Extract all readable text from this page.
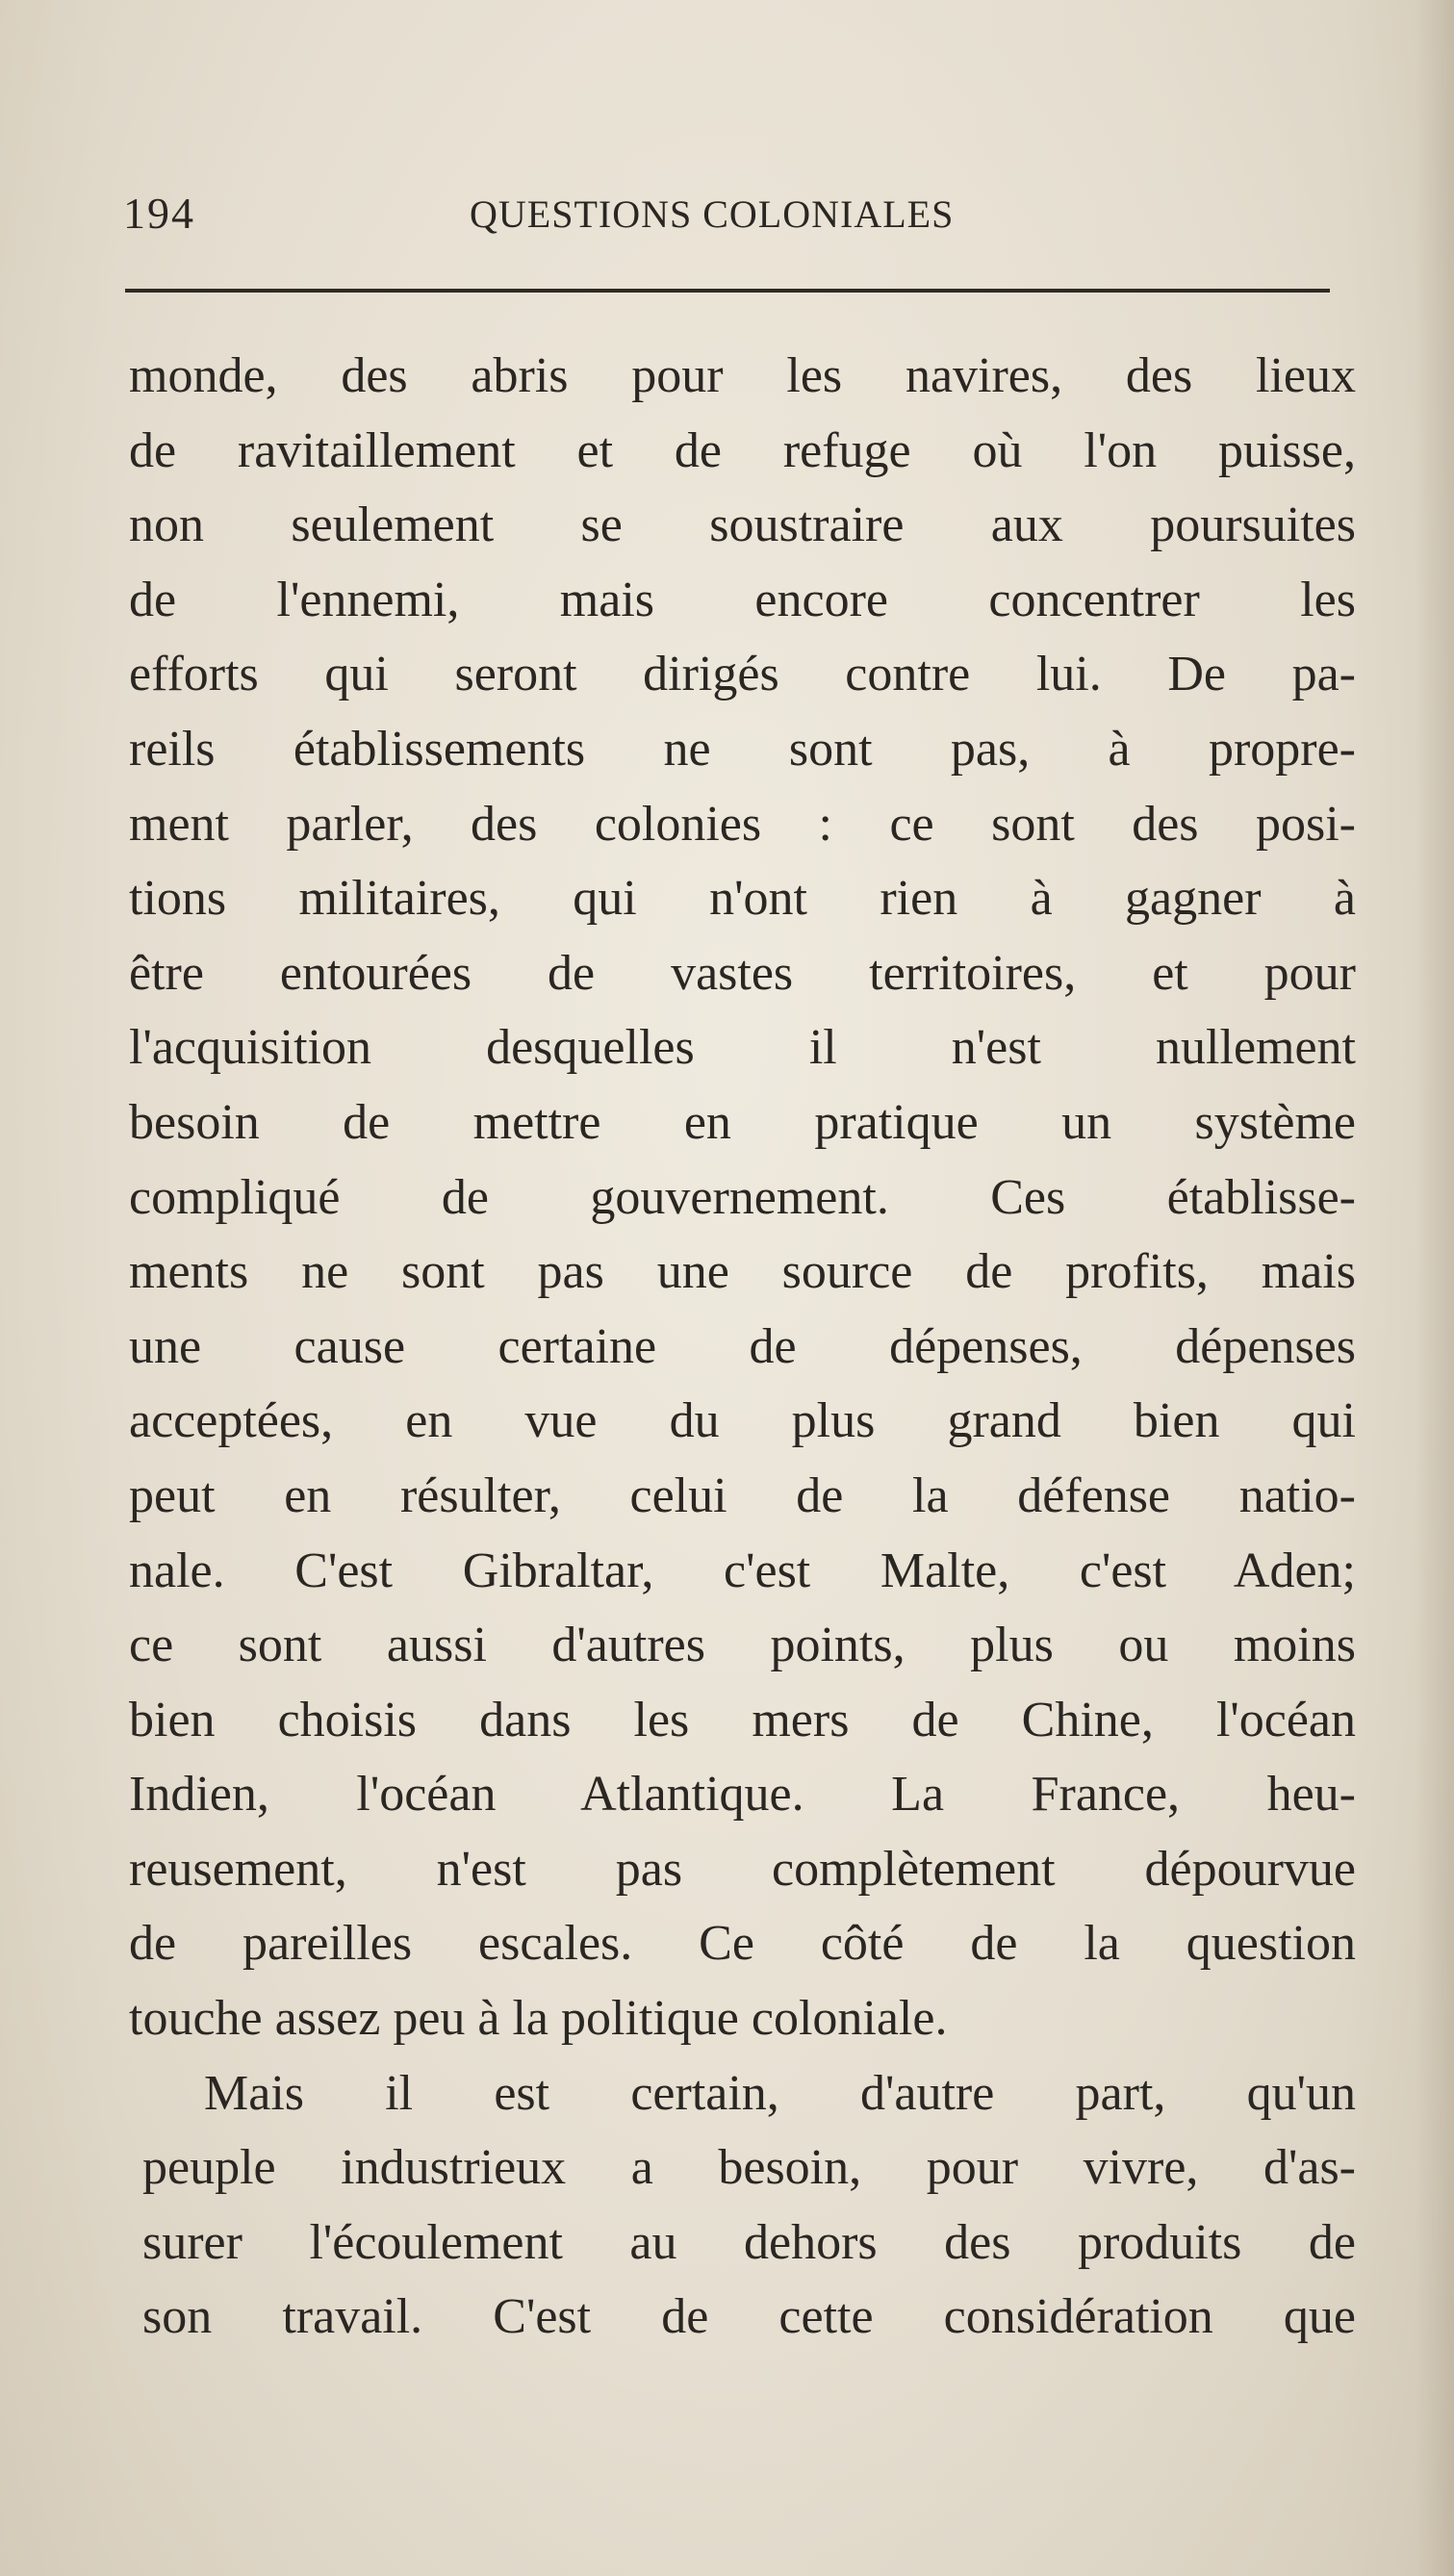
194	QUESTIONS COLONIALES
monde, des abris pour les navires, des lieux
de ravitaillement et de refuge où l'on puisse,
non seulement se soustraire aux poursuites
de l'ennemi, mais encore concentrer les
efforts qui seront dirigés contre lui. De pa-
reils établissements ne sont pas, à propre-
ment parler, des colonies : ce sont des posi-
tions militaires, qui n'ont rien à gagner à
être entourées de vastes territoires, et pour
l'acquisition desquelles il n'est nullement
besoin de mettre en pratique un système
compliqué de gouvernement. Ces établisse-
ments ne sont pas une source de profits, mais
une cause certaine de dépenses, dépenses
acceptées, en vue du plus grand bien qui
peut en résulter, celui de la défense natio-
nale. C'est Gibraltar, c'est Malte, c'est Aden;
ce sont aussi d'autres points, plus ou moins
bien choisis dans les mers de Chine, l'océan
Indien, l'océan Atlantique. La France, heu-
reusement, n'est pas complètement dépourvue
de pareilles escales. Ce côté de la question
touche assez peu à la politique coloniale.
Mais il est certain, d'autre part, qu'un
peuple industrieux a besoin, pour vivre, d'as-
surer l'écoulement au dehors des produits de
son travail. C'est de cette considération que
